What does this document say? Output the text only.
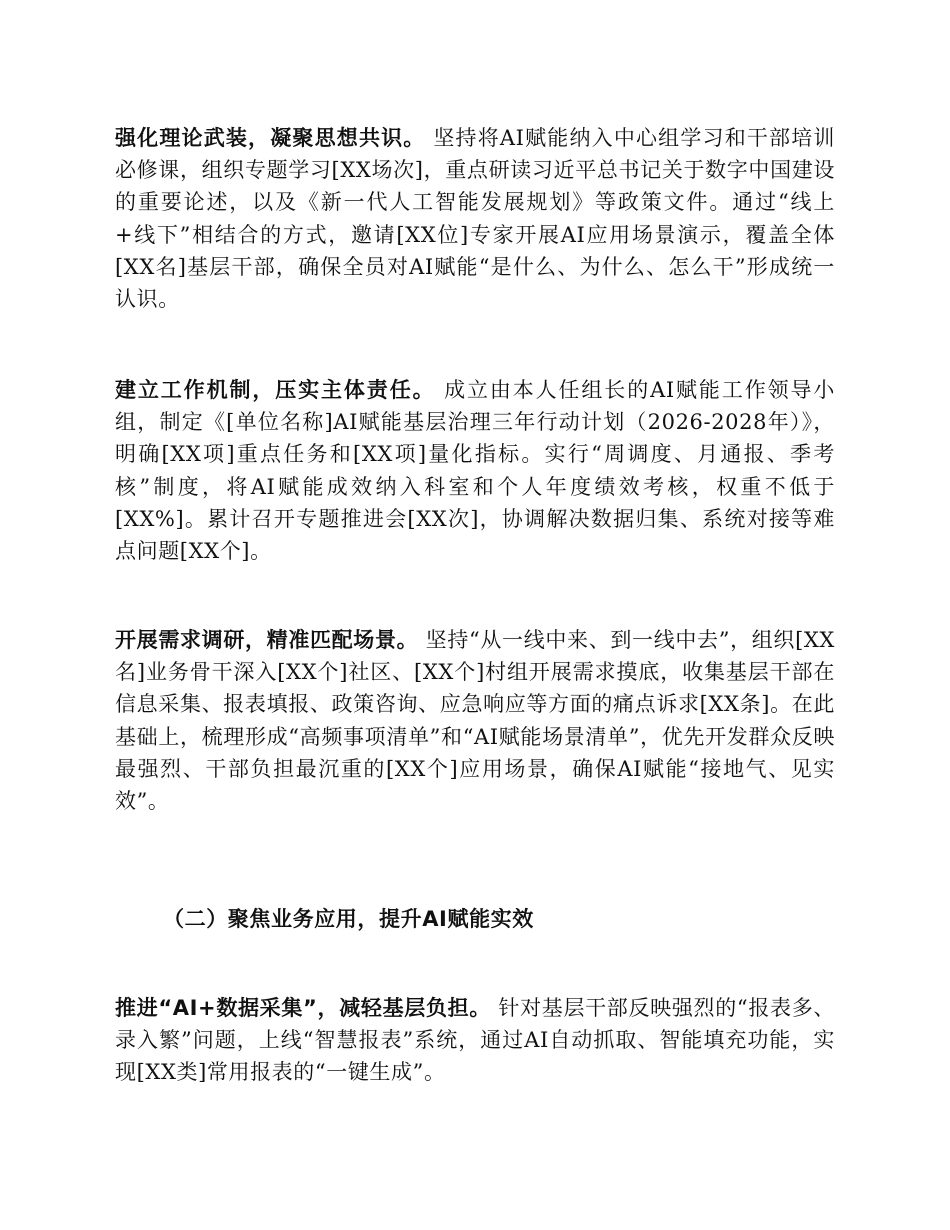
强化理论武装，凝聚思想共识。 坚持将AI赋能纳入中心组学习和干部培训必修课，组织专题学习[XX场次]，重点研读习近平总书记关于数字中国建设的重要论述，以及《新一代人工智能发展规划》等政策文件。通过“线上+线下”相结合的方式，邀请[XX位]专家开展AI应用场景演示，覆盖全体[XX名]基层干部，确保全员对AI赋能“是什么、为什么、怎么干”形成统一认识。

建立工作机制，压实主体责任。 成立由本人任组长的AI赋能工作领导小组，制定《[单位名称]AI赋能基层治理三年行动计划（2026-2028年）》，明确[XX项]重点任务和[XX项]量化指标。实行“周调度、月通报、季考核”制度，将AI赋能成效纳入科室和个人年度绩效考核，权重不低于[XX%]。累计召开专题推进会[XX次]，协调解决数据归集、系统对接等难点问题[XX个]。

开展需求调研，精准匹配场景。 坚持“从一线中来、到一线中去”，组织[XX名]业务骨干深入[XX个]社区、[XX个]村组开展需求摸底，收集基层干部在信息采集、报表填报、政策咨询、应急响应等方面的痛点诉求[XX条]。在此基础上，梳理形成“高频事项清单”和“AI赋能场景清单”，优先开发群众反映最强烈、干部负担最沉重的[XX个]应用场景，确保AI赋能“接地气、见实效”。

（二）聚焦业务应用，提升AI赋能实效

推进“AI+数据采集”，减轻基层负担。 针对基层干部反映强烈的“报表多、录入繁”问题，上线“智慧报表”系统，通过AI自动抓取、智能填充功能，实现[XX类]常用报表的“一键生成”。
